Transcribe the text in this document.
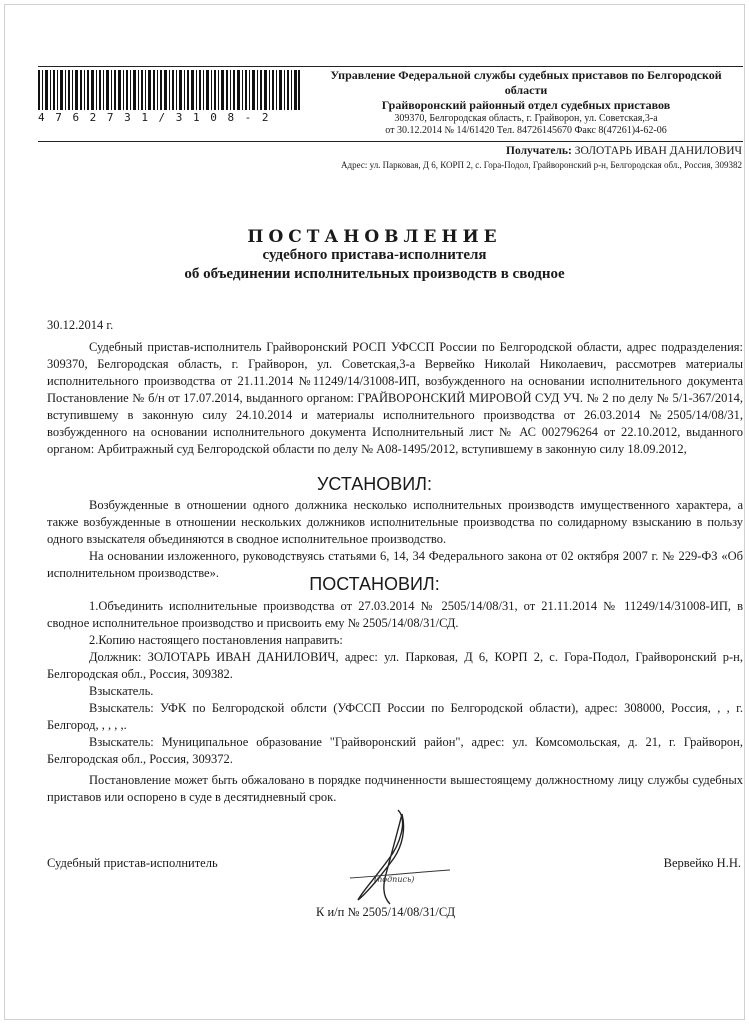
4762731/3108-2
Управление Федеральной службы судебных приставов по Белгородской области
Грайворонский районный отдел судебных приставов
309370, Белгородская область, г. Грайворон, ул. Советская,3-а
от 30.12.2014 № 14/61420 Тел. 84726145670 Факс 8(47261)4-62-06
Получатель: ЗОЛОТАРЬ ИВАН ДАНИЛОВИЧ
Адрес: ул. Парковая, Д 6, КОРП 2, с. Гора-Подол, Грайворонский р-н, Белгородская обл., Россия, 309382
ПОСТАНОВЛЕНИЕ
судебного пристава-исполнителя
об объединении исполнительных производств в сводное
30.12.2014 г.

Судебный пристав-исполнитель Грайворонский РОСП УФССП России по Белгородской области, адрес подразделения: 309370, Белгородская область, г. Грайворон, ул. Советская,3-а Вервейко Николай Николаевич, рассмотрев материалы исполнительного производства от 21.11.2014 №11249/14/31008-ИП, возбужденного на основании исполнительного документа Постановление № б/н от 17.07.2014, выданного органом: ГРАЙВОРОНСКИЙ МИРОВОЙ СУД УЧ. № 2 по делу № 5/1-367/2014, вступившему в законную силу 24.10.2014 и материалы исполнительного производства от 26.03.2014 №2505/14/08/31, возбужденного на основании исполнительного документа Исполнительный лист № АС 002796264 от 22.10.2012, выданного органом: Арбитражный суд Белгородской области по делу № А08-1495/2012, вступившему в законную силу 18.09.2012,

УСТАНОВИЛ:

Возбужденные в отношении одного должника несколько исполнительных производств имущественного характера, а также возбужденные в отношении нескольких должников исполнительные производства по солидарному взысканию в пользу одного взыскателя объединяются в сводное исполнительное производство.

На основании изложенного, руководствуясь статьями 6, 14, 34 Федерального закона от 02 октября 2007 г. № 229-ФЗ «Об исполнительном производстве».

ПОСТАНОВИЛ:

1.Объединить исполнительные производства от 27.03.2014 № 2505/14/08/31, от 21.11.2014 № 11249/14/31008-ИП, в сводное исполнительное производство и присвоить ему № 2505/14/08/31/СД.

2.Копию настоящего постановления направить:

Должник: ЗОЛОТАРЬ ИВАН ДАНИЛОВИЧ, адрес: ул. Парковая, Д 6, КОРП 2, с. Гора-Подол, Грайворонский р-н, Белгородская обл., Россия, 309382.

Взыскатель.

Взыскатель: УФК по Белгородской облсти (УФССП России по Белгородской области), адрес: 308000, Россия, , , г. Белгород, , , , ,.

Взыскатель: Муниципальное образование "Грайворонский район", адрес: ул. Комсомольская, д. 21, г. Грайворон, Белгородская обл., Россия, 309372.

Постановление может быть обжаловано в порядке подчиненности вышестоящему должностному лицу службы судебных приставов или оспорено в суде в десятидневный срок.

Судебный пристав-исполнитель	Вервейко Н.Н.
(подпись)
К и/п № 2505/14/08/31/СД
